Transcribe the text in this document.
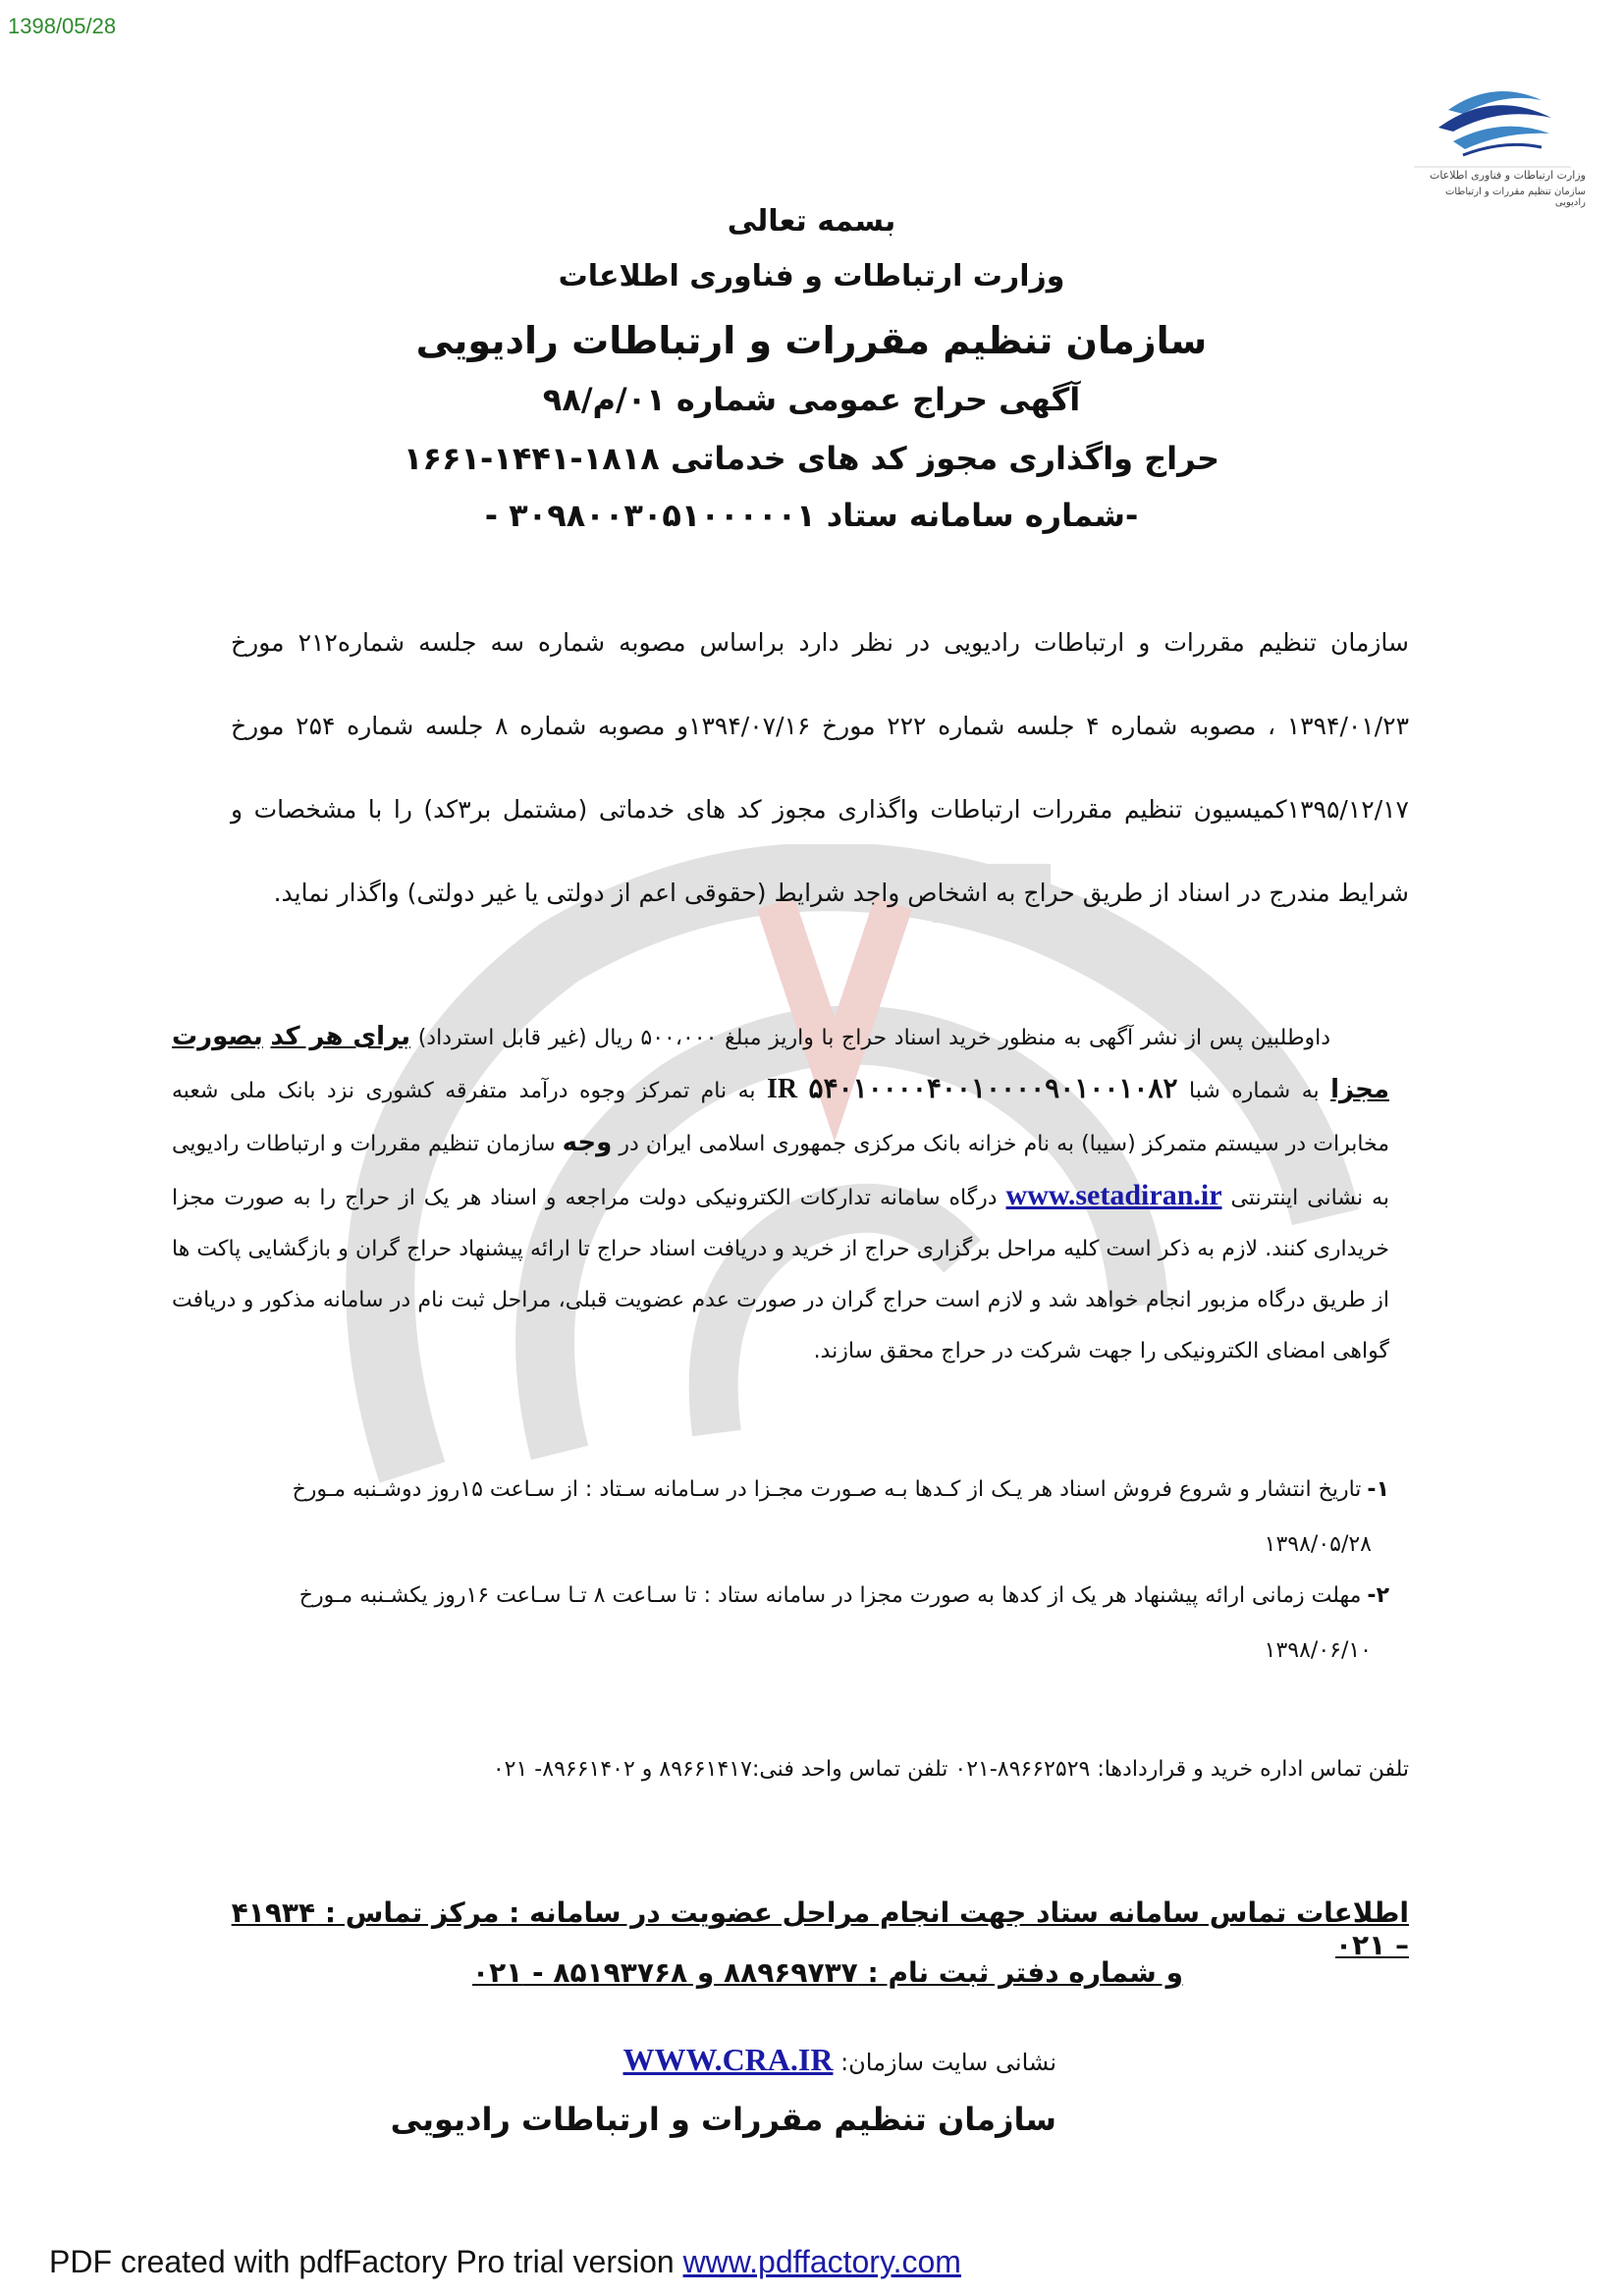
1398/05/28
وزارت ارتباطات و فناوری اطلاعات
سازمان تنظیم مقررات و ارتباطات رادیویی
بسمه تعالی
وزارت ارتباطات و فناوری اطلاعات
سازمان تنظیم مقررات و ارتباطات رادیویی
آگهی حراج عمومی شماره ۰۱/م/۹۸
حراج واگذاری مجوز کد های خدماتی ۱۸۱۸-۱۴۴۱-۱۶۶۱
-شماره سامانه ستاد ۳۰۹۸۰۰۳۰۵۱۰۰۰۰۰۱ -
سازمان تنظیم مقررات و ارتباطات رادیویی در نظر دارد براساس مصوبه شماره سه جلسه شماره۲۱۲ مورخ ۱۳۹۴/۰۱/۲۳ ، مصوبه شماره ۴ جلسه شماره ۲۲۲ مورخ ۱۳۹۴/۰۷/۱۶و مصوبه شماره ۸ جلسه شماره ۲۵۴ مورخ ۱۳۹۵/۱۲/۱۷کمیسیون تنظیم مقررات ارتباطات واگذاری مجوز کد های خدماتی (مشتمل بر۳کد) را با مشخصات و شرایط مندرج در اسناد از طریق حراج به اشخاص واجد شرایط (حقوقی اعم از دولتی یا غیر دولتی) واگذار نماید.
داوطلبین پس از نشر آگهی به منظور خرید اسناد حراج با واریز مبلغ ۵۰۰،۰۰۰ ریال (غیر قابل استرداد) برای هر کد بصورت مجزا به شماره شبا IR ۵۴۰۱۰۰۰۰۴۰۰۱۰۰۰۰۹۰۱۰۰۱۰۸۲ به نام تمرکز وجوه درآمد متفرقه کشوری نزد بانک ملی شعبه مخابرات در سیستم متمرکز (سیبا) به نام خزانه بانک مرکزی جمهوری اسلامی ایران در وجه سازمان تنظیم مقررات و ارتباطات رادیویی به نشانی اینترنتی www.setadiran.ir درگاه سامانه تدارکات الکترونیکی دولت مراجعه و اسناد هر یک از حراج را به صورت مجزا خریداری کنند. لازم به ذکر است کلیه مراحل برگزاری حراج از خرید و دریافت اسناد حراج تا ارائه پیشنهاد حراج گران و بازگشایی پاکت ها از طریق درگاه مزبور انجام خواهد شد و لازم است حراج گران در صورت عدم عضویت قبلی، مراحل ثبت نام در سامانه مذکور و دریافت گواهی امضای الکترونیکی را جهت شرکت در حراج محقق سازند.
۱-تاریخ انتشار و شروع فروش اسناد هر یـک از کـدها بـه صـورت مجـزا در سـامانه سـتاد : از سـاعت ۱۵روز دوشـنبه مـورخ
۱۳۹۸/۰۵/۲۸
۲-مهلت زمانی ارائه پیشنهاد هر یک از کدها به صورت مجزا در سامانه ستاد : تا سـاعت ۸ تـا سـاعت ۱۶روز یکشـنبه مـورخ
۱۳۹۸/۰۶/۱۰
تلفن تماس اداره خرید و قراردادها: ۸۹۶۶۲۵۲۹-۰۲۱ تلفن تماس واحد فنی:۸۹۶۶۱۴۱۷ و ۸۹۶۶۱۴۰۲- ۰۲۱
اطلاعات تماس سامانه ستاد جهت انجام مراحل عضویت در سامانه : مرکز تماس : ۴۱۹۳۴ – ۰۲۱
و شماره دفتر ثبت نام : ۸۸۹۶۹۷۳۷ و ۸۵۱۹۳۷۶۸ - ۰۲۱
نشانی سایت سازمان: WWW.CRA.IR
سازمان تنظیم مقررات و ارتباطات رادیویی
PDF created with pdfFactory Pro trial version www.pdffactory.com
